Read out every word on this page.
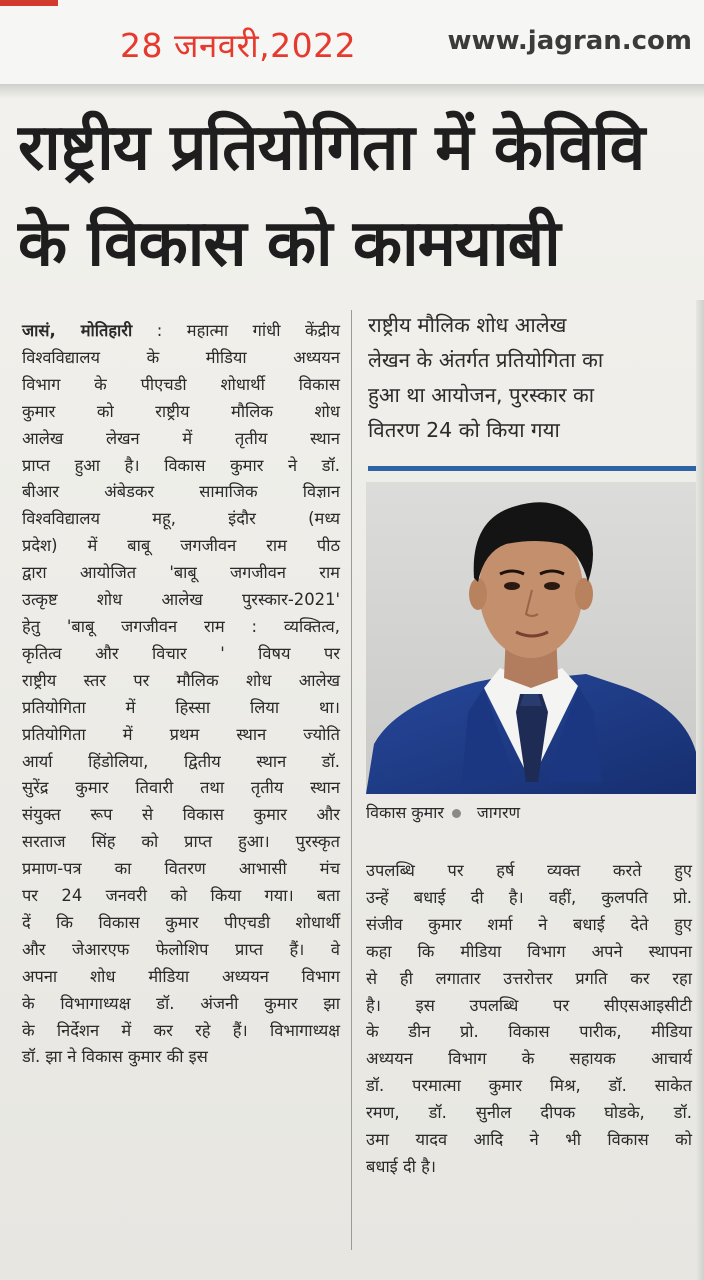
28 जनवरी,2022	www.jagran.com
राष्ट्रीय प्रतियोगिता में केविवि
के विकास को कामयाबी
जासं, मोतिहारी : महात्मा गांधी केंद्रीय
विश्वविद्यालय के मीडिया अध्ययन
विभाग के पीएचडी शोधार्थी विकास
कुमार को राष्ट्रीय मौलिक शोध
आलेख लेखन में तृतीय स्थान
प्राप्त हुआ है। विकास कुमार ने डॉ.
बीआर अंबेडकर सामाजिक विज्ञान
विश्वविद्यालय महू, इंदौर (मध्य
प्रदेश) में बाबू जगजीवन राम पीठ
द्वारा आयोजित 'बाबू जगजीवन राम
उत्कृष्ट शोध आलेख पुरस्कार-2021'
हेतु 'बाबू जगजीवन राम : व्यक्तित्व,
कृतित्व और विचार ' विषय पर
राष्ट्रीय स्तर पर मौलिक शोध आलेख
प्रतियोगिता में हिस्सा लिया था।
प्रतियोगिता में प्रथम स्थान ज्योति
आर्या हिंडोलिया, द्वितीय स्थान डॉ.
सुरेंद्र कुमार तिवारी तथा तृतीय स्थान
संयुक्त रूप से विकास कुमार और
सरताज सिंह को प्राप्त हुआ। पुरस्कृत
प्रमाण-पत्र का वितरण आभासी मंच
पर 24 जनवरी को किया गया। बता
दें कि विकास कुमार पीएचडी शोधार्थी
और जेआरएफ फेलोशिप प्राप्त हैं। वे
अपना शोध मीडिया अध्ययन विभाग
के विभागाध्यक्ष डॉ. अंजनी कुमार झा
के निर्देशन में कर रहे हैं। विभागाध्यक्ष
डॉ. झा ने विकास कुमार की इस
राष्ट्रीय मौलिक शोध आलेख
लेखन के अंतर्गत प्रतियोगिता का
हुआ था आयोजन, पुरस्कार का
वितरण 24 को किया गया
विकास कुमार जागरण
उपलब्धि पर हर्ष व्यक्त करते हुए
उन्हें बधाई दी है। वहीं, कुलपति प्रो.
संजीव कुमार शर्मा ने बधाई देते हुए
कहा कि मीडिया विभाग अपने स्थापना
से ही लगातार उत्तरोत्तर प्रगति कर रहा
है। इस उपलब्धि पर सीएसआइसीटी
के डीन प्रो. विकास पारीक, मीडिया
अध्ययन विभाग के सहायक आचार्य
डॉ. परमात्मा कुमार मिश्र, डॉ. साकेत
रमण, डॉ. सुनील दीपक घोडके, डॉ.
उमा यादव आदि ने भी विकास को
बधाई दी है।
